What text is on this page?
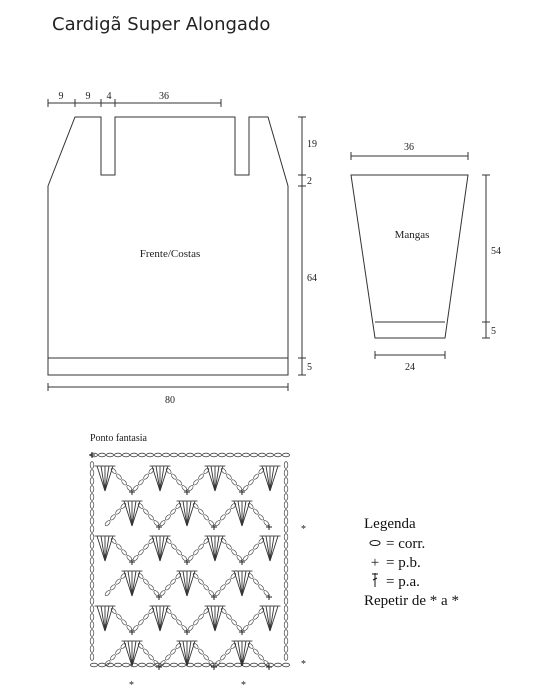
Cardigã Super Alongado
9 9 4	36
19
2
64
5
80
Frente/Costas
36
54
5
24
Mangas
*
*
*	*
Ponto fantasia
Legenda
= corr.
+ = p.b.
= p.a.
Repetir de * a *
